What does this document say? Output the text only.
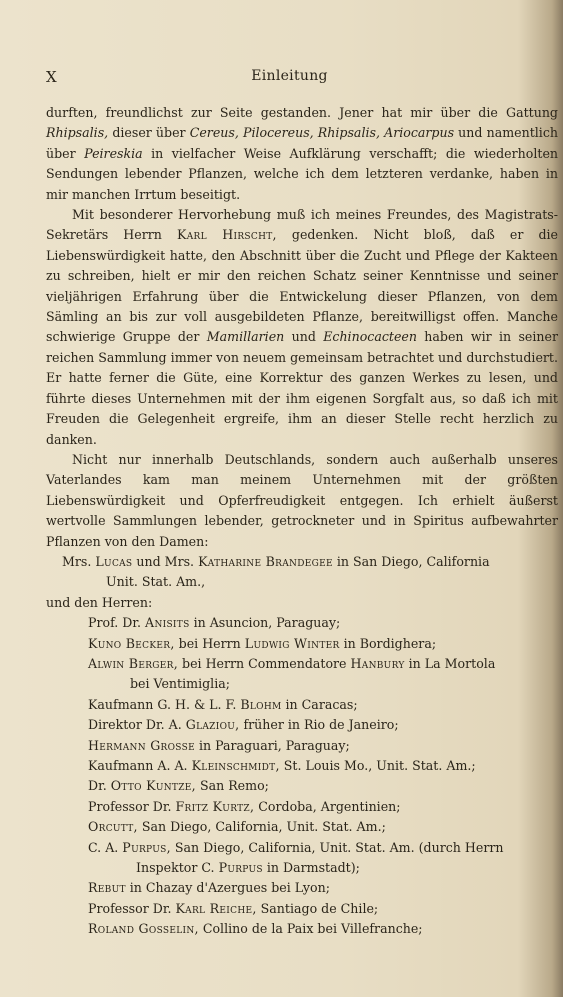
X	Einleitung

durften, freundlichst zur Seite gestanden. Jener hat mir über die Gattung Rhipsalis, dieser über Cereus, Pilocereus, Rhipsalis, Ariocarpus und namentlich über Peireskia in vielfacher Weise Aufklärung verschafft; die wiederholten Sendungen lebender Pflanzen, welche ich dem letzteren verdanke, haben in mir manchen Irrtum beseitigt.

Mit besonderer Hervorhebung muß ich meines Freundes, des Magistrats-Sekretärs Herrn Karl Hirscht, gedenken. Nicht bloß, daß er die Liebenswürdigkeit hatte, den Abschnitt über die Zucht und Pflege der Kakteen zu schreiben, hielt er mir den reichen Schatz seiner Kenntnisse und seiner vieljährigen Erfahrung über die Entwickelung dieser Pflanzen, von dem Sämling an bis zur voll ausgebildeten Pflanze, bereitwilligst offen. Manche schwierige Gruppe der Mamillarien und Echinocacteen haben wir in seiner reichen Sammlung immer von neuem gemeinsam betrachtet und durchstudiert. Er hatte ferner die Güte, eine Korrektur des ganzen Werkes zu lesen, und führte dieses Unternehmen mit der ihm eigenen Sorgfalt aus, so daß ich mit Freuden die Gelegenheit ergreife, ihm an dieser Stelle recht herzlich zu danken.

Nicht nur innerhalb Deutschlands, sondern auch außerhalb unseres Vaterlandes kam man meinem Unternehmen mit der größten Liebenswürdigkeit und Opferfreudigkeit entgegen. Ich erhielt äußerst wertvolle Sammlungen lebender, getrockneter und in Spiritus aufbewahrter Pflanzen von den Damen:

Mrs. Lucas und Mrs. Katharine Brandegee in San Diego, California
Unit. Stat. Am.,
und den Herren:
Prof. Dr. Anisits in Asuncion, Paraguay;
Kuno Becker, bei Herrn Ludwig Winter in Bordighera;
Alwin Berger, bei Herrn Commendatore Hanbury in La Mortola
bei Ventimiglia;
Kaufmann G. H. & L. F. Blohm in Caracas;
Direktor Dr. A. Glaziou, früher in Rio de Janeiro;
Hermann Grosse in Paraguari, Paraguay;
Kaufmann A. A. Kleinschmidt, St. Louis Mo., Unit. Stat. Am.;
Dr. Otto Kuntze, San Remo;
Professor Dr. Fritz Kurtz, Cordoba, Argentinien;
Orcutt, San Diego, California, Unit. Stat. Am.;
C. A. Purpus, San Diego, California, Unit. Stat. Am. (durch Herrn
Inspektor C. Purpus in Darmstadt);
Rebut in Chazay d'Azergues bei Lyon;
Professor Dr. Karl Reiche, Santiago de Chile;
Roland Gosselin, Collino de la Paix bei Villefranche;
